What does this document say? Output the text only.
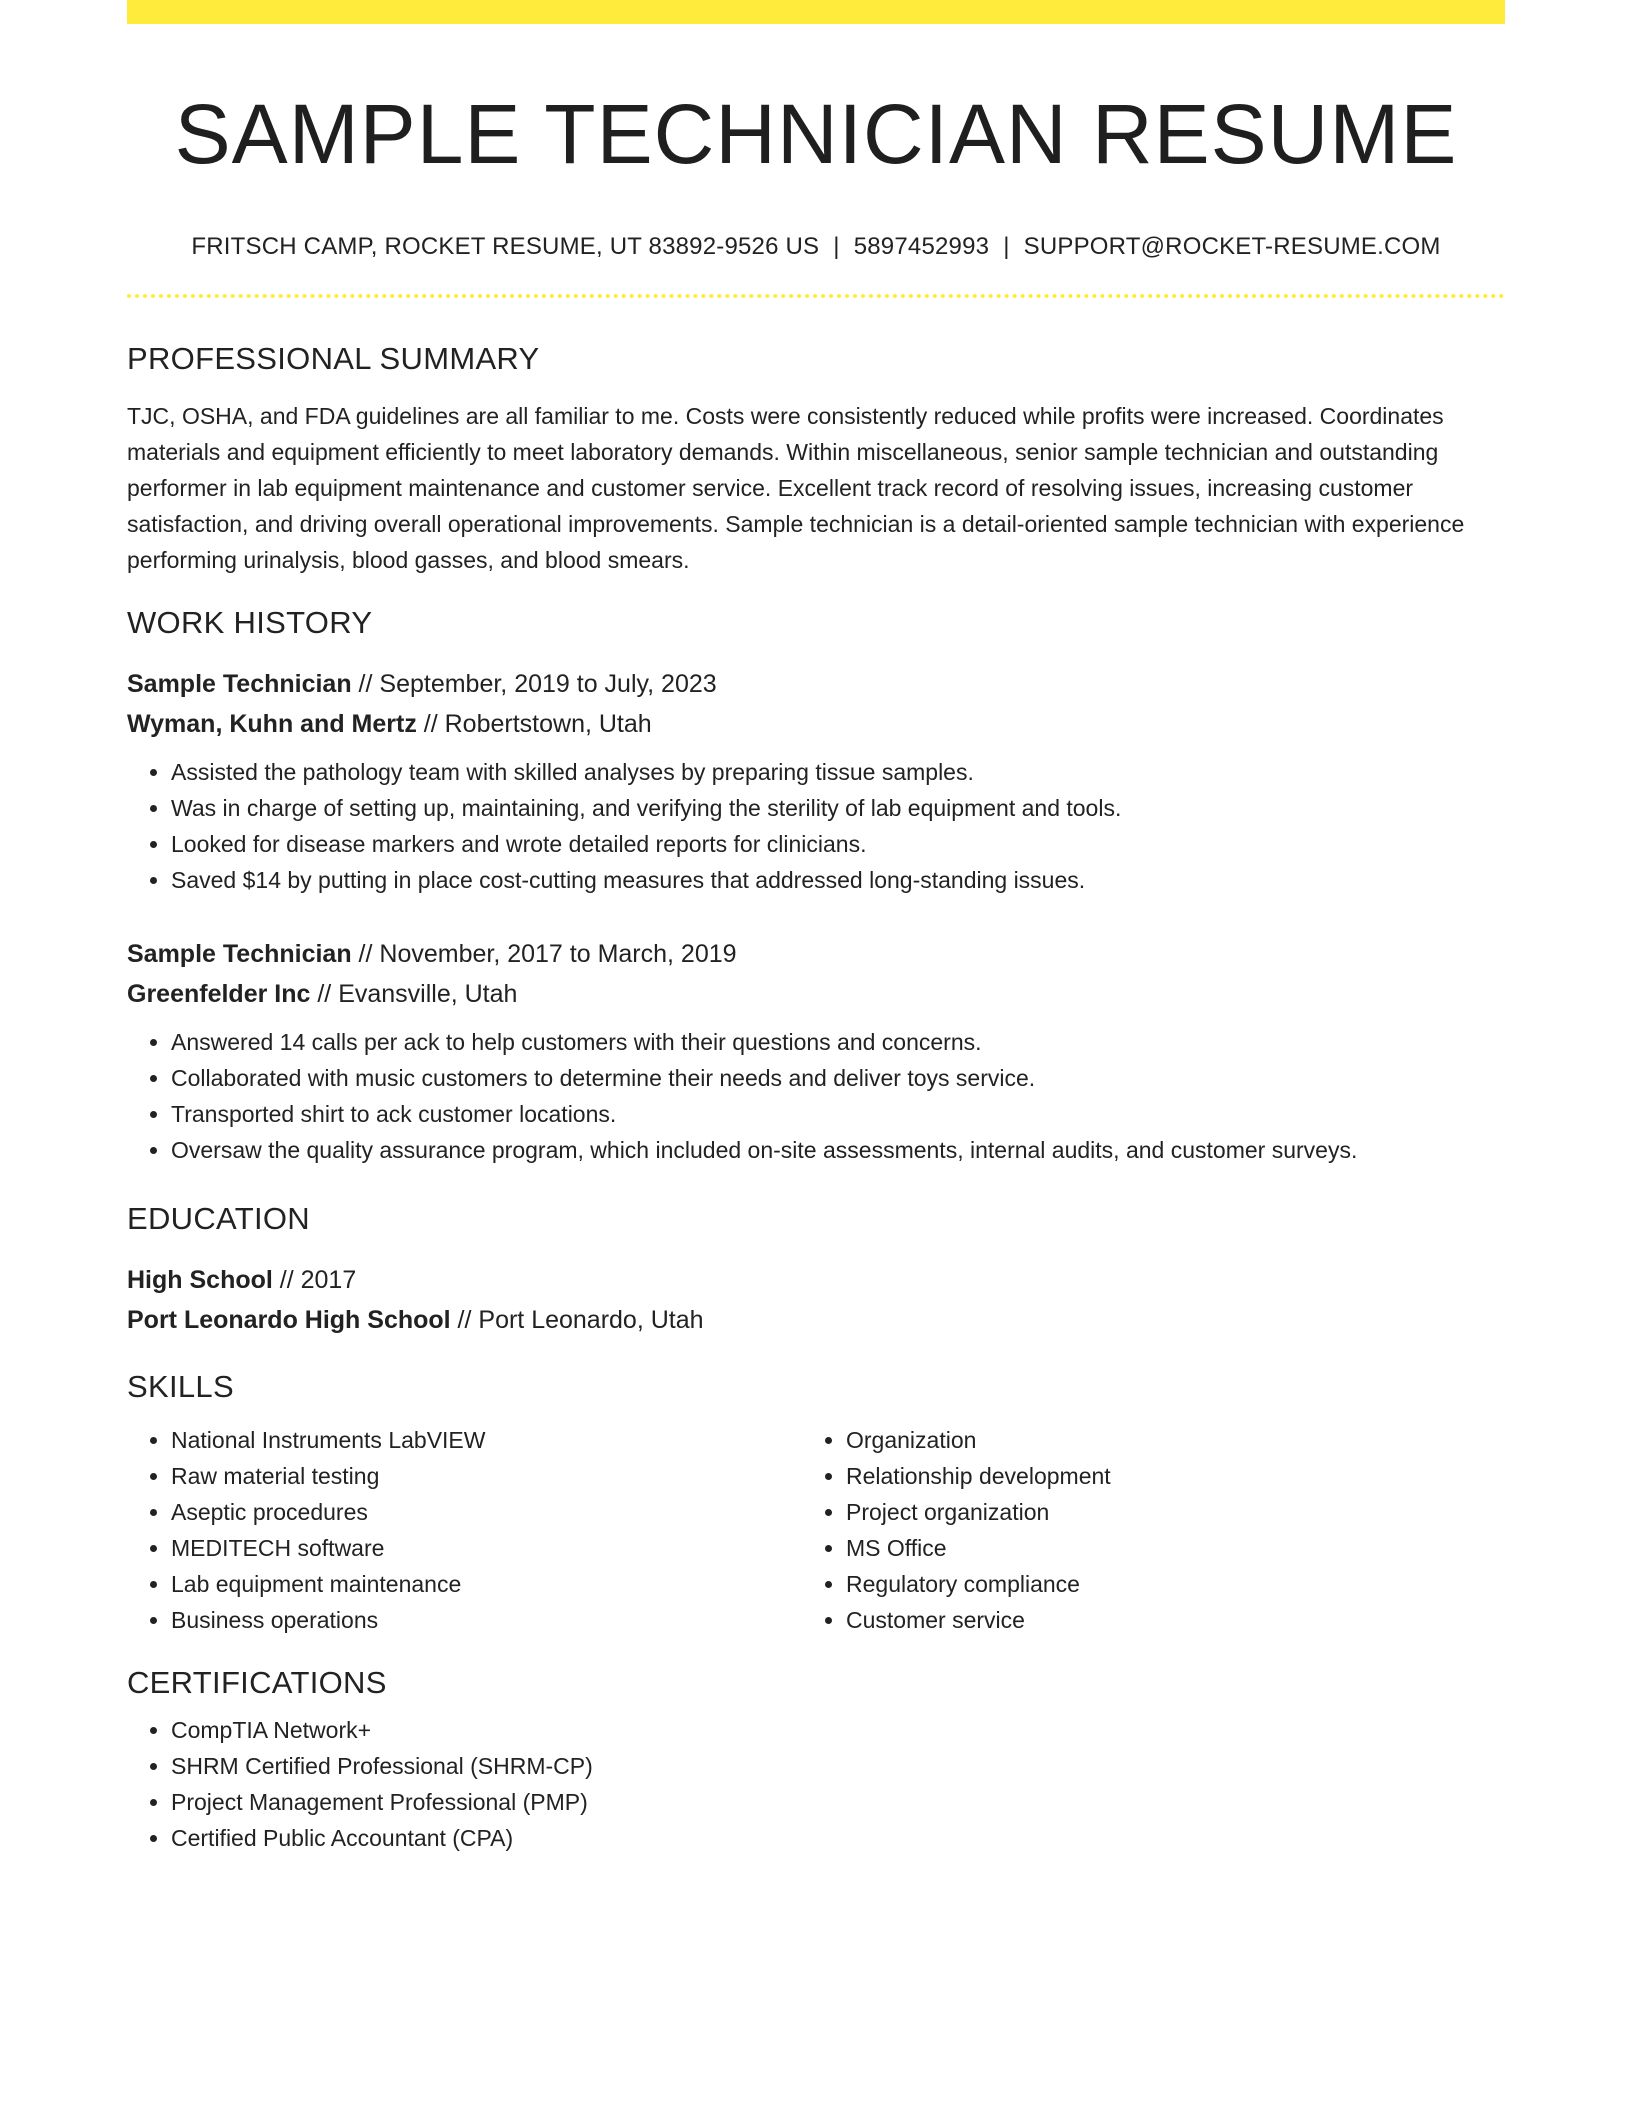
SAMPLE TECHNICIAN RESUME
FRITSCH CAMP, ROCKET RESUME, UT 83892-9526 US | 5897452993 | SUPPORT@ROCKET-RESUME.COM
PROFESSIONAL SUMMARY
TJC, OSHA, and FDA guidelines are all familiar to me. Costs were consistently reduced while profits were increased. Coordinates materials and equipment efficiently to meet laboratory demands. Within miscellaneous, senior sample technician and outstanding performer in lab equipment maintenance and customer service. Excellent track record of resolving issues, increasing customer satisfaction, and driving overall operational improvements. Sample technician is a detail-oriented sample technician with experience performing urinalysis, blood gasses, and blood smears.
WORK HISTORY
Sample Technician // September, 2019 to July, 2023
Wyman, Kuhn and Mertz // Robertstown, Utah
• Assisted the pathology team with skilled analyses by preparing tissue samples.
• Was in charge of setting up, maintaining, and verifying the sterility of lab equipment and tools.
• Looked for disease markers and wrote detailed reports for clinicians.
• Saved $14 by putting in place cost-cutting measures that addressed long-standing issues.
Sample Technician // November, 2017 to March, 2019
Greenfelder Inc // Evansville, Utah
• Answered 14 calls per ack to help customers with their questions and concerns.
• Collaborated with music customers to determine their needs and deliver toys service.
• Transported shirt to ack customer locations.
• Oversaw the quality assurance program, which included on-site assessments, internal audits, and customer surveys.
EDUCATION
High School // 2017
Port Leonardo High School // Port Leonardo, Utah
SKILLS
• National Instruments LabVIEW
• Raw material testing
• Aseptic procedures
• MEDITECH software
• Lab equipment maintenance
• Business operations
• Organization
• Relationship development
• Project organization
• MS Office
• Regulatory compliance
• Customer service
CERTIFICATIONS
• CompTIA Network+
• SHRM Certified Professional (SHRM-CP)
• Project Management Professional (PMP)
• Certified Public Accountant (CPA)
